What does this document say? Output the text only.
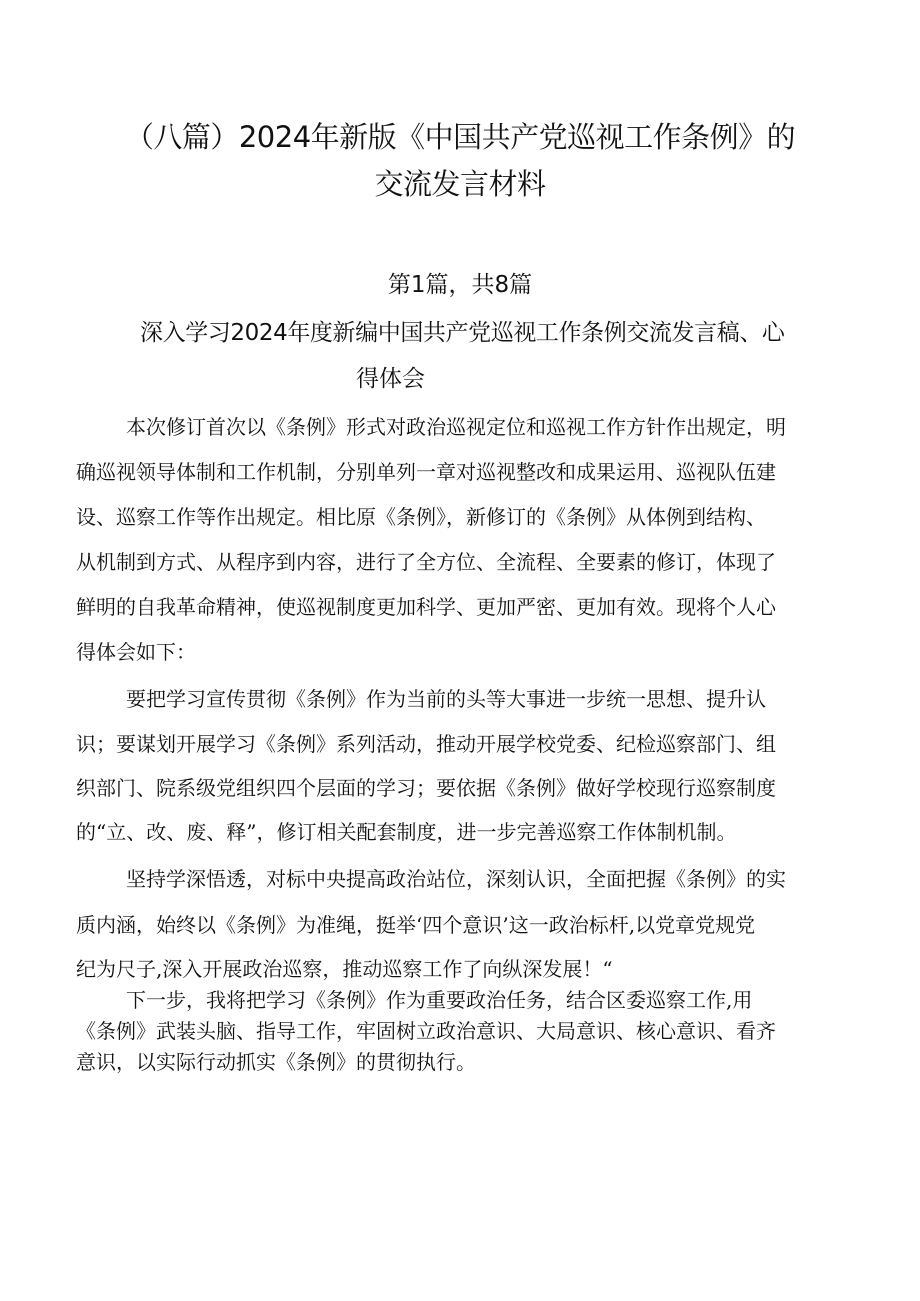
（八篇）2024年新版《中国共产党巡视工作条例》的
交流发言材料
第1篇，共8篇
深入学习2024年度新编中国共产党巡视工作条例交流发言稿、心
得体会

本次修订首次以《条例》形式对政治巡视定位和巡视工作方针作出规定，明

确巡视领导体制和工作机制，分别单列一章对巡视整改和成果运用、巡视队伍建

设、巡察工作等作出规定。相比原《条例》，新修订的《条例》从体例到结构、

从机制到方式、从程序到内容，进行了全方位、全流程、全要素的修订，体现了

鲜明的自我革命精神，使巡视制度更加科学、更加严密、更加有效。现将个人心

得体会如下：

要把学习宣传贯彻《条例》作为当前的头等大事进一步统一思想、提升认

识；要谋划开展学习《条例》系列活动，推动开展学校党委、纪检巡察部门、组

织部门、院系级党组织四个层面的学习；要依据《条例》做好学校现行巡察制度

的“立、改、废、释”，修订相关配套制度，进一步完善巡察工作体制机制。

坚持学深悟透，对标中央提高政治站位，深刻认识，全面把握《条例》的实

质内涵，始终以《条例》为准绳，挺举‘四个意识’这一政治标杆,以党章党规党

纪为尺子,深入开展政治巡察，推动巡察工作了向纵深发展！“

下一步，我将把学习《条例》作为重要政治任务，结合区委巡察工作,用

《条例》武装头脑、指导工作，牢固树立政治意识、大局意识、核心意识、看齐

意识，以实际行动抓实《条例》的贯彻执行。
